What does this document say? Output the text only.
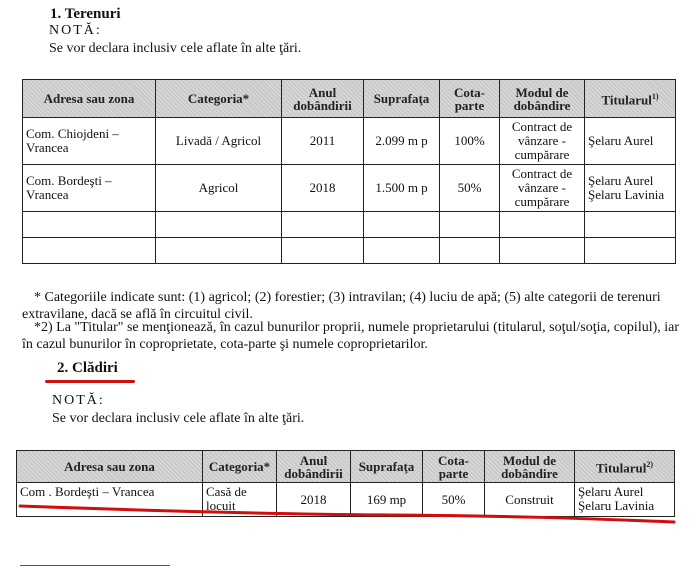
1. Terenuri
NOTĂ:
Se vor declara inclusiv cele aflate în alte ţări.
Adresa sau zona	Categoria*	Anul dobândirii	Suprafaţa	Cota-parte	Modul de dobândire	Titularul$^{1)}$
Com. Chiojdeni – Vrancea	Livadă / Agricol	2011	2.099 m p	100%	Contract de vânzare - cumpărare	Şelaru Aurel
Com. Bordeşti – Vrancea	Agricol	2018	1.500 m p	50%	Contract de vânzare - cumpărare	Şelaru Aurel Şelaru Lavinia

* Categoriile indicate sunt: (1) agricol; (2) forestier; (3) intravilan; (4) luciu de apă; (5) alte categorii de terenuri extravilane, dacă se află în circuitul civil.
*2) La "Titular" se menţionează, în cazul bunurilor proprii, numele proprietarului (titularul, soţul/soţia, copilul), iar în cazul bunurilor în coproprietate, cota-parte şi numele coproprietarilor.
2. Clădiri
NOTĂ:
Se vor declara inclusiv cele aflate în alte ţări.
Adresa sau zona	Categoria*	Anul dobândirii	Suprafaţa	Cota-parte	Modul de dobândire	Titularul$^{2)}$
Com . Bordeşti – Vrancea	Casă de locuit	2018	169 mp	50%	Construit	Şelaru Aurel Şelaru Lavinia
